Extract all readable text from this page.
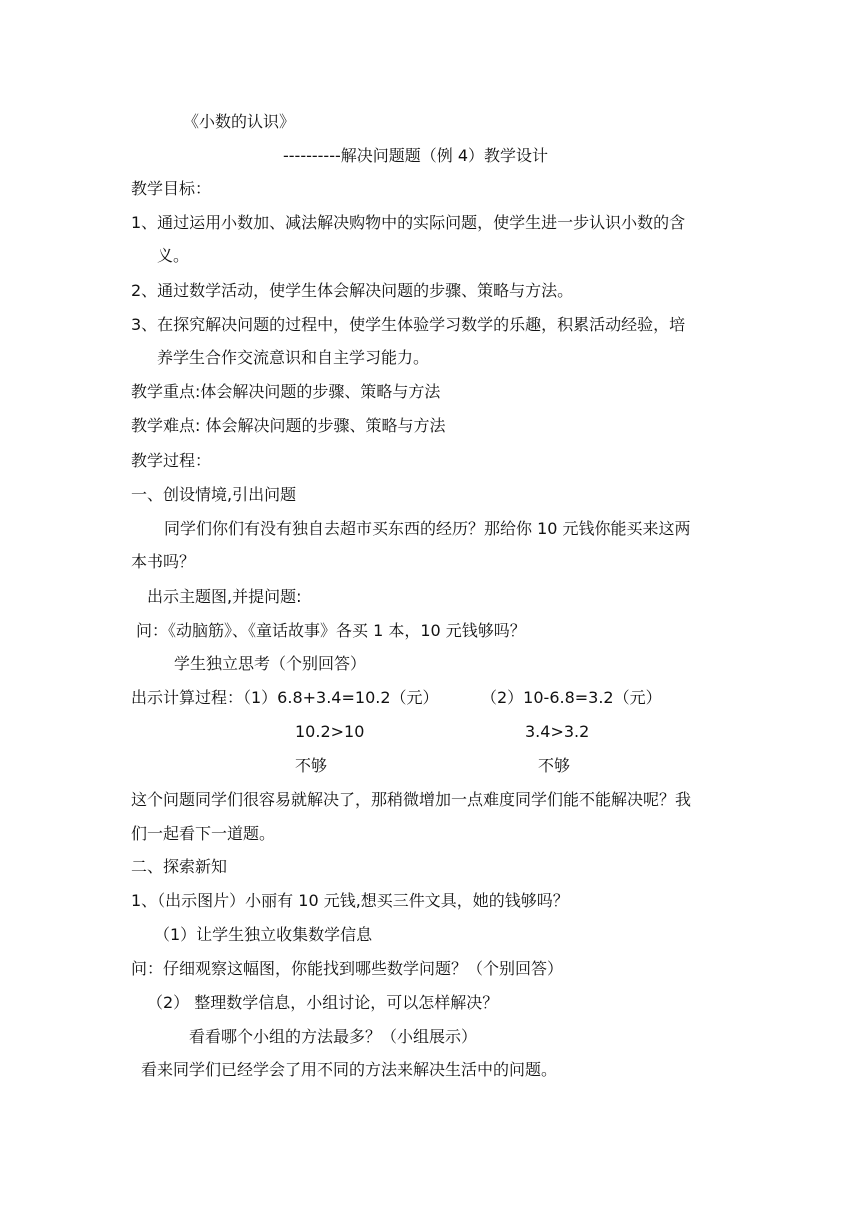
《小数的认识》
----------解决问题题（例 4）教学设计
教学目标：
1、通过运用小数加、减法解决购物中的实际问题，使学生进一步认识小数的含
义。
2、通过数学活动，使学生体会解决问题的步骤、策略与方法。
3、在探究解决问题的过程中，使学生体验学习数学的乐趣，积累活动经验，培
养学生合作交流意识和自主学习能力。
教学重点:体会解决问题的步骤、策略与方法
教学难点: 体会解决问题的步骤、策略与方法
教学过程：
一、创设情境,引出问题
同学们你们有没有独自去超市买东西的经历？那给你 10 元钱你能买来这两
本书吗？
出示主题图,并提问题:
问：《动脑筋》、《童话故事》各买 1 本，10 元钱够吗？
学生独立思考（个别回答）
出示计算过程：（1）6.8+3.4=10.2（元）	（2）10-6.8=3.2（元）
10.2>10	3.4>3.2
不够	不够
这个问题同学们很容易就解决了，那稍微增加一点难度同学们能不能解决呢？我
们一起看下一道题。
二、探索新知
1、（出示图片）小丽有 10 元钱,想买三件文具，她的钱够吗？
（1）让学生独立收集数学信息
问：仔细观察这幅图，你能找到哪些数学问题？（个别回答）
（2） 整理数学信息，小组讨论，可以怎样解决？
看看哪个小组的方法最多？（小组展示）
看来同学们已经学会了用不同的方法来解决生活中的问题。
